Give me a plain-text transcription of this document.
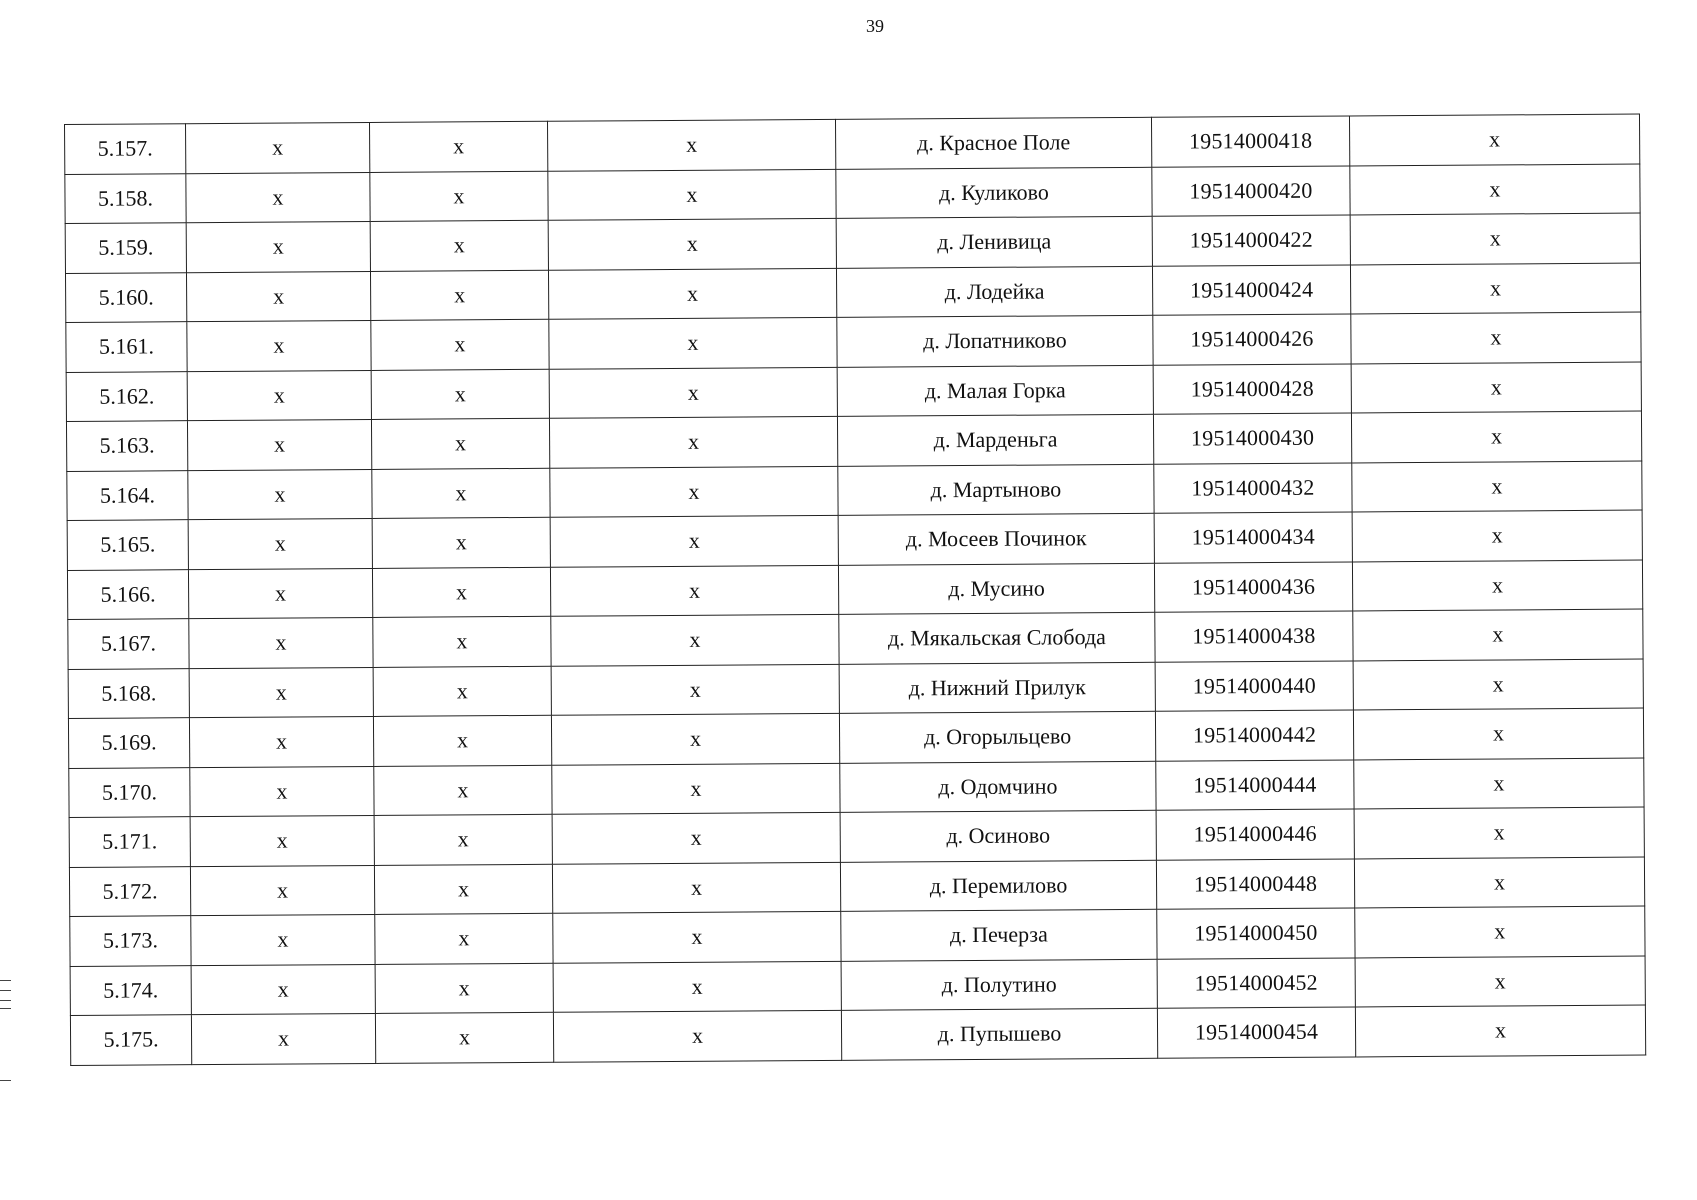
39
5.157.	x	x	x	д. Красное Поле	19514000418	x
5.158.	x	x	x	д. Куликово	19514000420	x
5.159.	x	x	x	д. Ленивица	19514000422	x
5.160.	x	x	x	д. Лодейка	19514000424	x
5.161.	x	x	x	д. Лопатниково	19514000426	x
5.162.	x	x	x	д. Малая Горка	19514000428	x
5.163.	x	x	x	д. Марденьга	19514000430	x
5.164.	x	x	x	д. Мартыново	19514000432	x
5.165.	x	x	x	д. Мосеев Починок	19514000434	x
5.166.	x	x	x	д. Мусино	19514000436	x
5.167.	x	x	x	д. Мякальская Слобода	19514000438	x
5.168.	x	x	x	д. Нижний Прилук	19514000440	x
5.169.	x	x	x	д. Огорыльцево	19514000442	x
5.170.	x	x	x	д. Одомчино	19514000444	x
5.171.	x	x	x	д. Осиново	19514000446	x
5.172.	x	x	x	д. Перемилово	19514000448	x
5.173.	x	x	x	д. Печерза	19514000450	x
5.174.	x	x	x	д. Полутино	19514000452	x
5.175.	x	x	x	д. Пупышево	19514000454	x
